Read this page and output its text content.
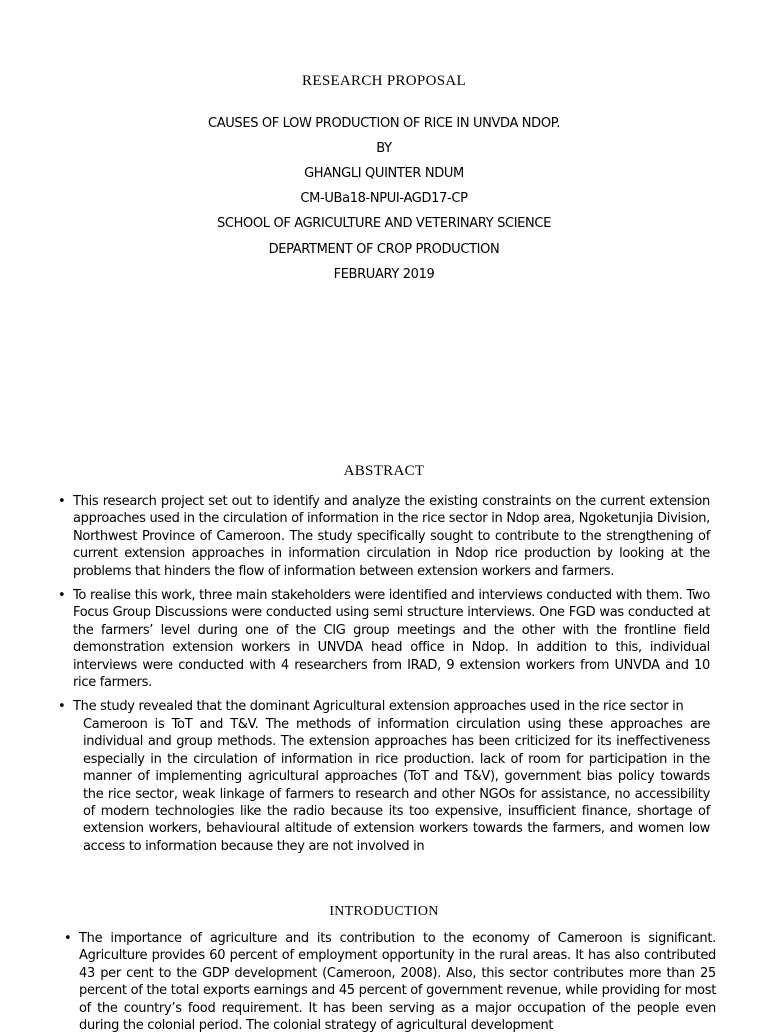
RESEARCH PROPOSAL
CAUSES OF LOW PRODUCTION OF RICE IN UNVDA NDOP.
BY
GHANGLI QUINTER NDUM
CM-UBa18-NPUI-AGD17-CP
SCHOOL OF AGRICULTURE AND VETERINARY SCIENCE
DEPARTMENT OF CROP PRODUCTION
FEBRUARY 2019
ABSTRACT
• This research project set out to identify and analyze the existing constraints on the current extension approaches used in the circulation of information in the rice sector in Ndop area, Ngoketunjia Division, Northwest Province of Cameroon. The study specifically sought to contribute to the strengthening of current extension approaches in information circulation in Ndop rice production by looking at the problems that hinders the flow of information between extension workers and farmers.
• To realise this work, three main stakeholders were identified and interviews conducted with them. Two Focus Group Discussions were conducted using semi structure interviews. One FGD was conducted at the farmers’ level during one of the CIG group meetings and the other with the frontline field demonstration extension workers in UNVDA head office in Ndop. In addition to this, individual interviews were conducted with 4 researchers from IRAD, 9 extension workers from UNVDA and 10 rice farmers.
• The study revealed that the dominant Agricultural extension approaches used in the rice sector in
Cameroon is ToT and T&V. The methods of information circulation using these approaches are individual and group methods. The extension approaches has been criticized for its ineffectiveness especially in the circulation of information in rice production. lack of room for participation in the manner of implementing agricultural approaches (ToT and T&V), government bias policy towards the rice sector, weak linkage of farmers to research and other NGOs for assistance, no accessibility of modern technologies like the radio because its too expensive, insufficient finance, shortage of extension workers, behavioural altitude of extension workers towards the farmers, and women low access to information because they are not involved in
INTRODUCTION
• The importance of agriculture and its contribution to the economy of Cameroon is significant. Agriculture provides 60 percent of employment opportunity in the rural areas. It has also contributed 43 per cent to the GDP development (Cameroon, 2008). Also, this sector contributes more than 25 percent of the total exports earnings and 45 percent of government revenue, while providing for most of the country’s food requirement. It has been serving as a major occupation of the people even during the colonial period. The colonial strategy of agricultural development
